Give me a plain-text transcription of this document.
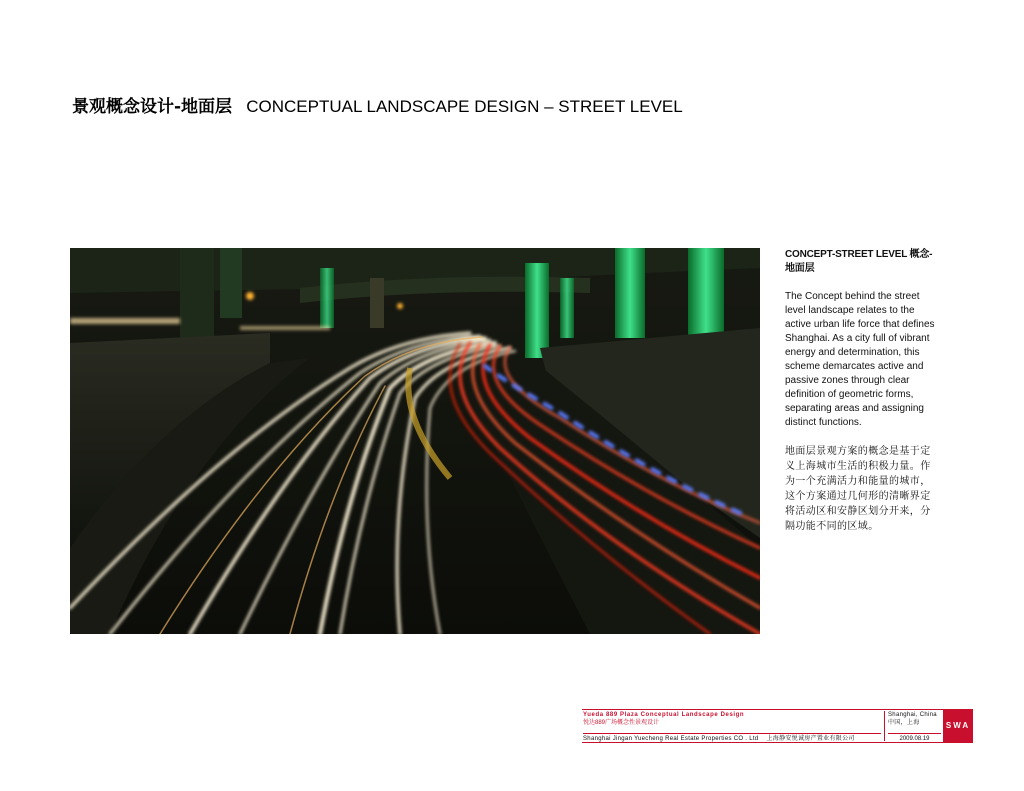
景观概念设计-地面层 CONCEPTUAL LANDSCAPE DESIGN – STREET LEVEL
CONCEPT-STREET LEVEL 概念-地面层

The Concept behind the street level landscape relates to the active urban life force that defines Shanghai. As a city full of vibrant energy and determination, this scheme demarcates active and passive zones through clear definition of geometric forms, separating areas and assigning distinct functions.

地面层景观方案的概念是基于定义上海城市生活的积极力量。作为一个充满活力和能量的城市，这个方案通过几何形的清晰界定将活动区和安静区划分开来，分隔功能不同的区域。

Yueda 889 Plaza Conceptual Landscape Design
悦达889广场概念性景观设计
Shanghai Jingan Yuecheng Real Estate Properties CO . Ltd 上海静安悦诚房产置业有限公司
Shanghai, China
中国，上海
2009.08.19
SWA
